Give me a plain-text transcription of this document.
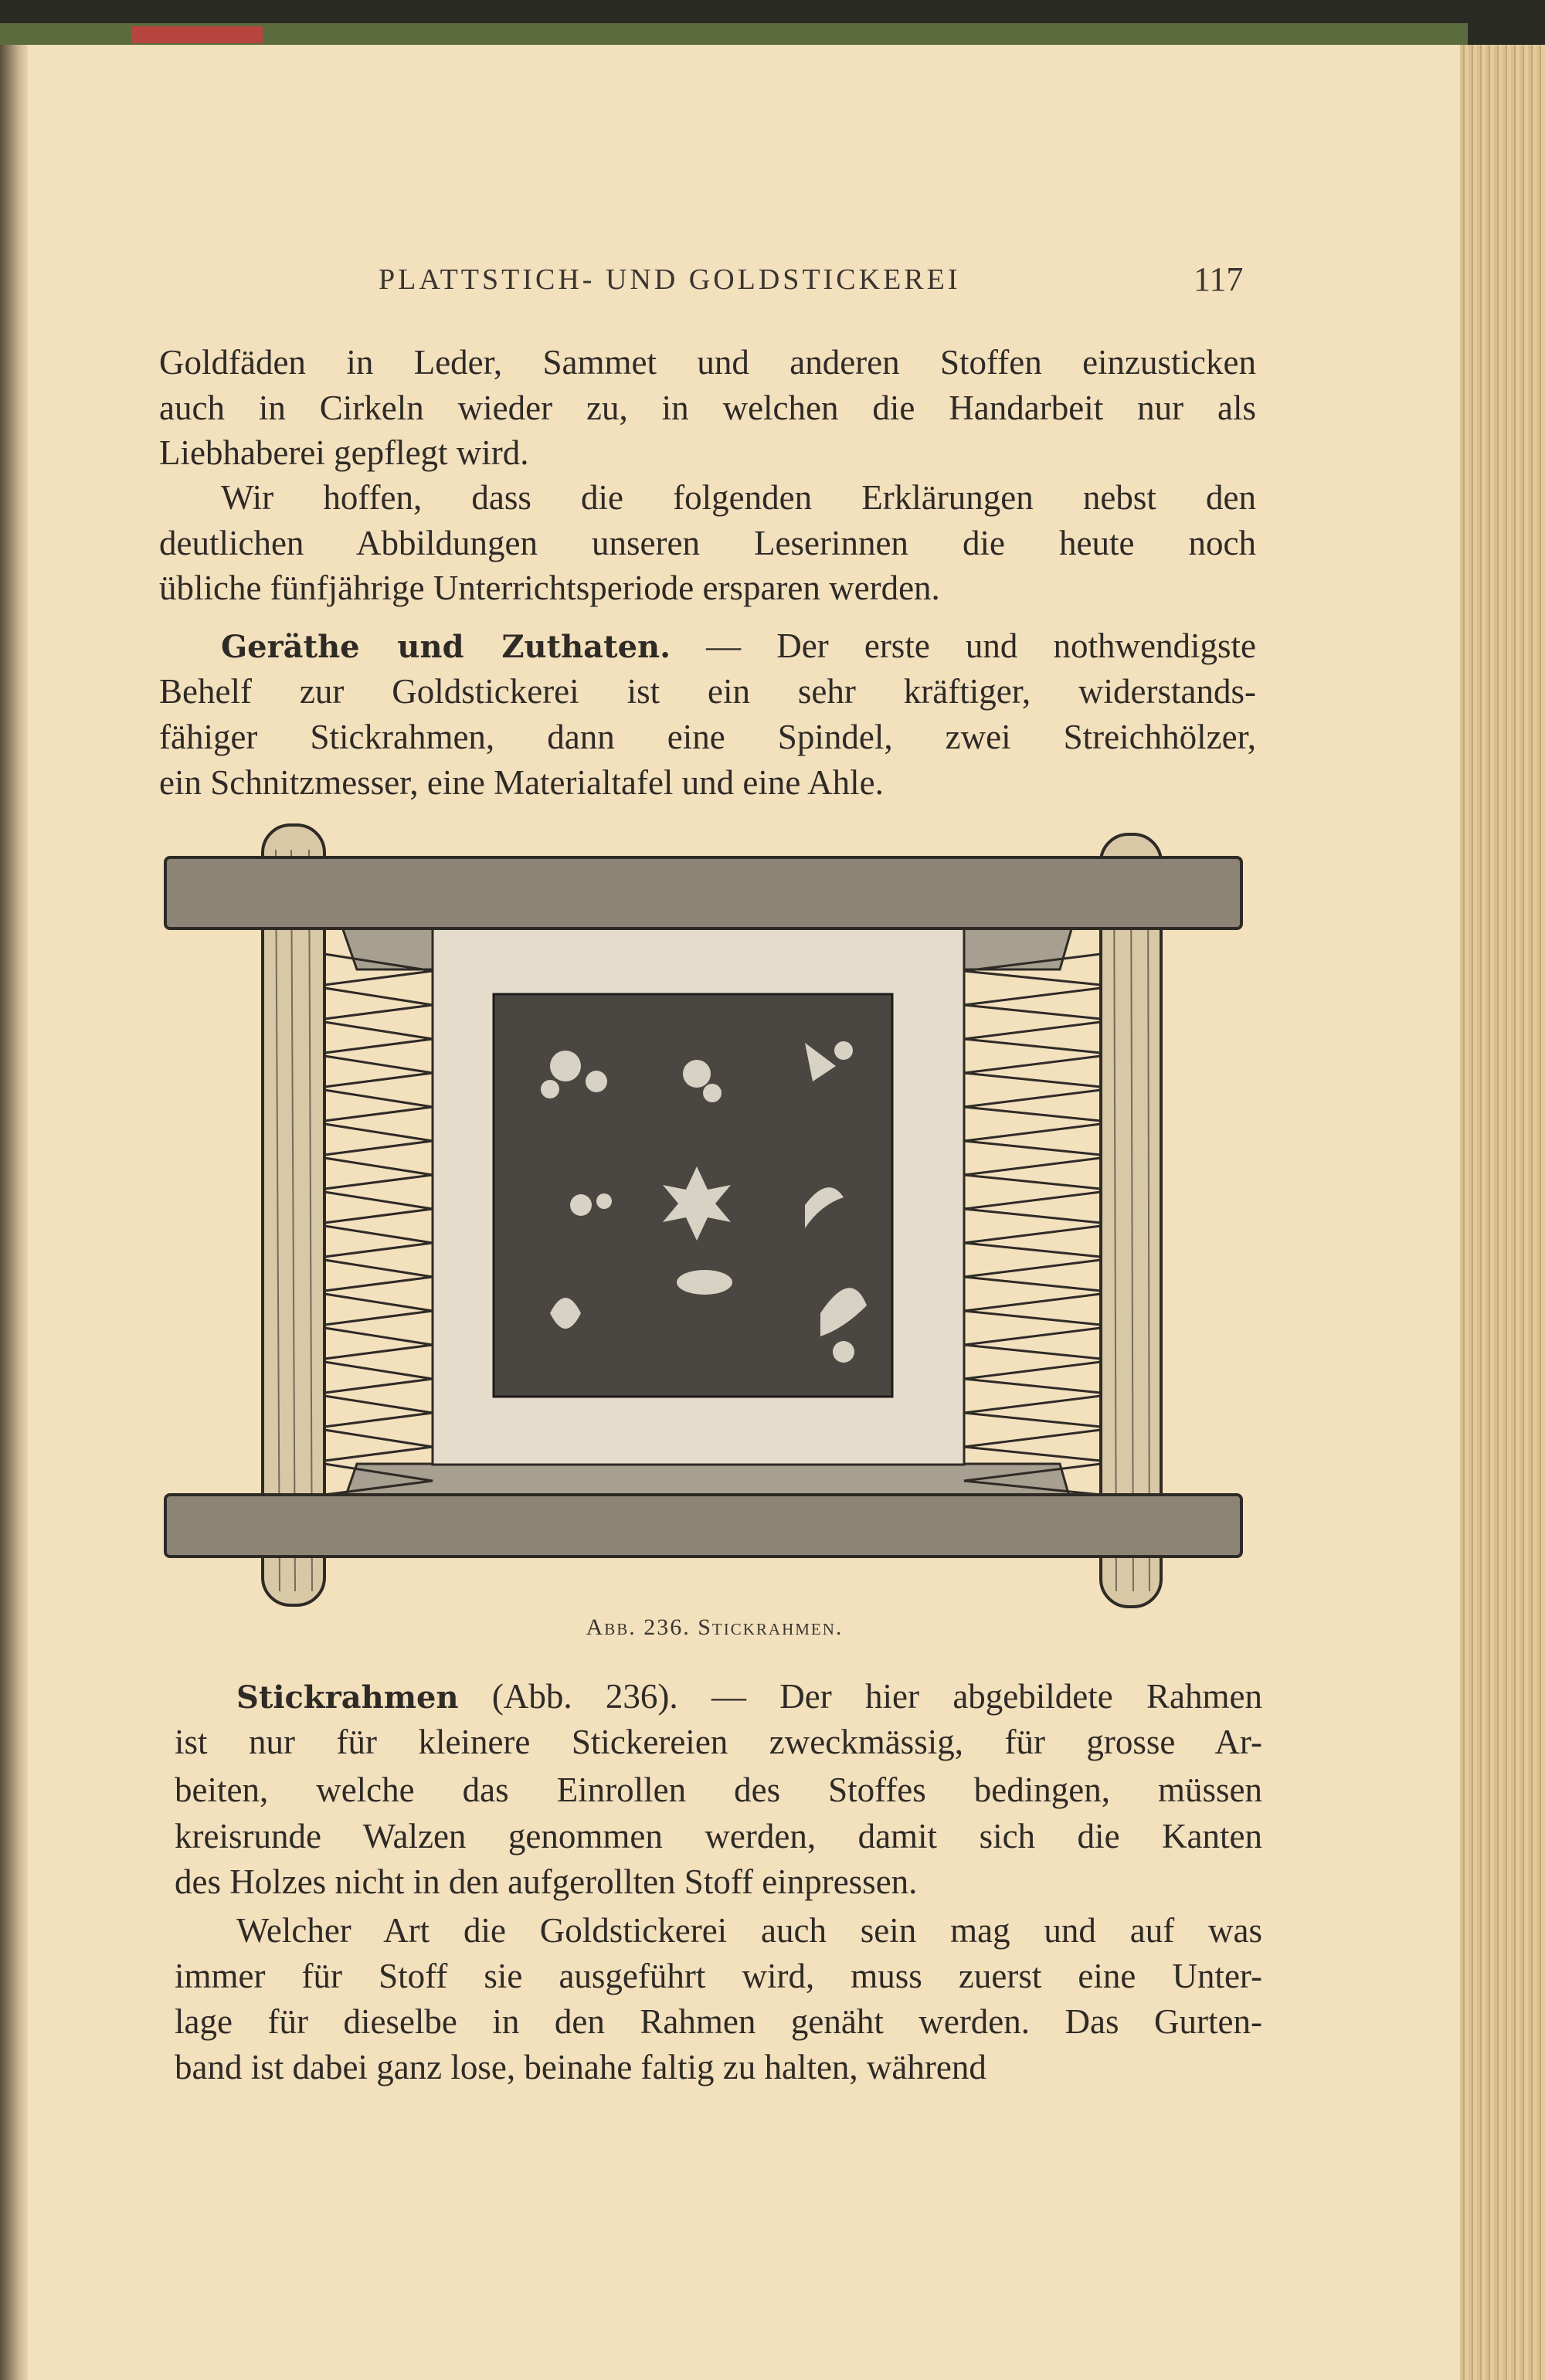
PLATTSTICH- UND GOLDSTICKEREI	117
Goldfäden in Leder, Sammet und anderen Stoffen einzusticken
auch in Cirkeln wieder zu, in welchen die Handarbeit nur als
Liebhaberei gepflegt wird.
Wir hoffen, dass die folgenden Erklärungen nebst den
deutlichen Abbildungen unseren Leserinnen die heute noch
übliche fünfjährige Unterrichtsperiode ersparen werden.
Geräthe und Zuthaten. — Der erste und nothwendigste
Behelf zur Goldstickerei ist ein sehr kräftiger, widerstands-
fähiger Stickrahmen, dann eine Spindel, zwei Streichhölzer,
ein Schnitzmesser, eine Materialtafel und eine Ahle.
Abb. 236. Stickrahmen.
Stickrahmen (Abb. 236). — Der hier abgebildete Rahmen
ist nur für kleinere Stickereien zweckmässig, für grosse Ar-
beiten, welche das Einrollen des Stoffes bedingen, müssen
kreisrunde Walzen genommen werden, damit sich die Kanten
des Holzes nicht in den aufgerollten Stoff einpressen.
Welcher Art die Goldstickerei auch sein mag und auf was
immer für Stoff sie ausgeführt wird, muss zuerst eine Unter-
lage für dieselbe in den Rahmen genäht werden. Das Gurten-
band ist dabei ganz lose, beinahe faltig zu halten, während
